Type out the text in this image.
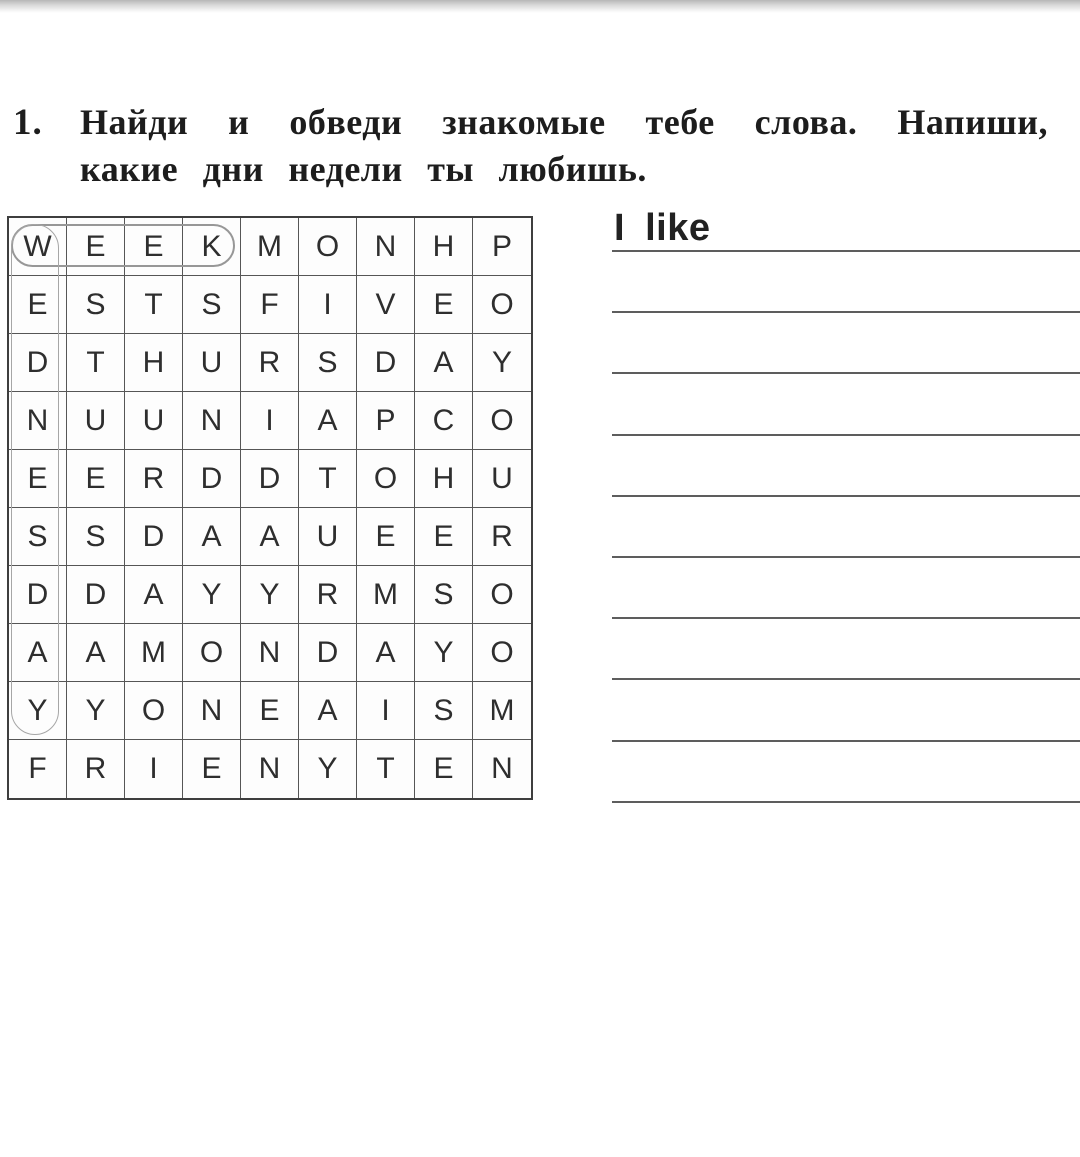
1. Найди и обведи знакомые тебе слова. Напиши,
какие дни недели ты любишь.
W	E	E	K	M	O	N	H	P
E	S	T	S	F	I	V	E	O
D	T	H	U	R	S	D	A	Y
N	U	U	N	I	A	P	C	O
E	E	R	D	D	T	O	H	U
S	S	D	A	A	U	E	E	R
D	D	A	Y	Y	R	M	S	O
A	A	M	O	N	D	A	Y	O
Y	Y	O	N	E	A	I	S	M
F	R	I	E	N	Y	T	E	N
I like
